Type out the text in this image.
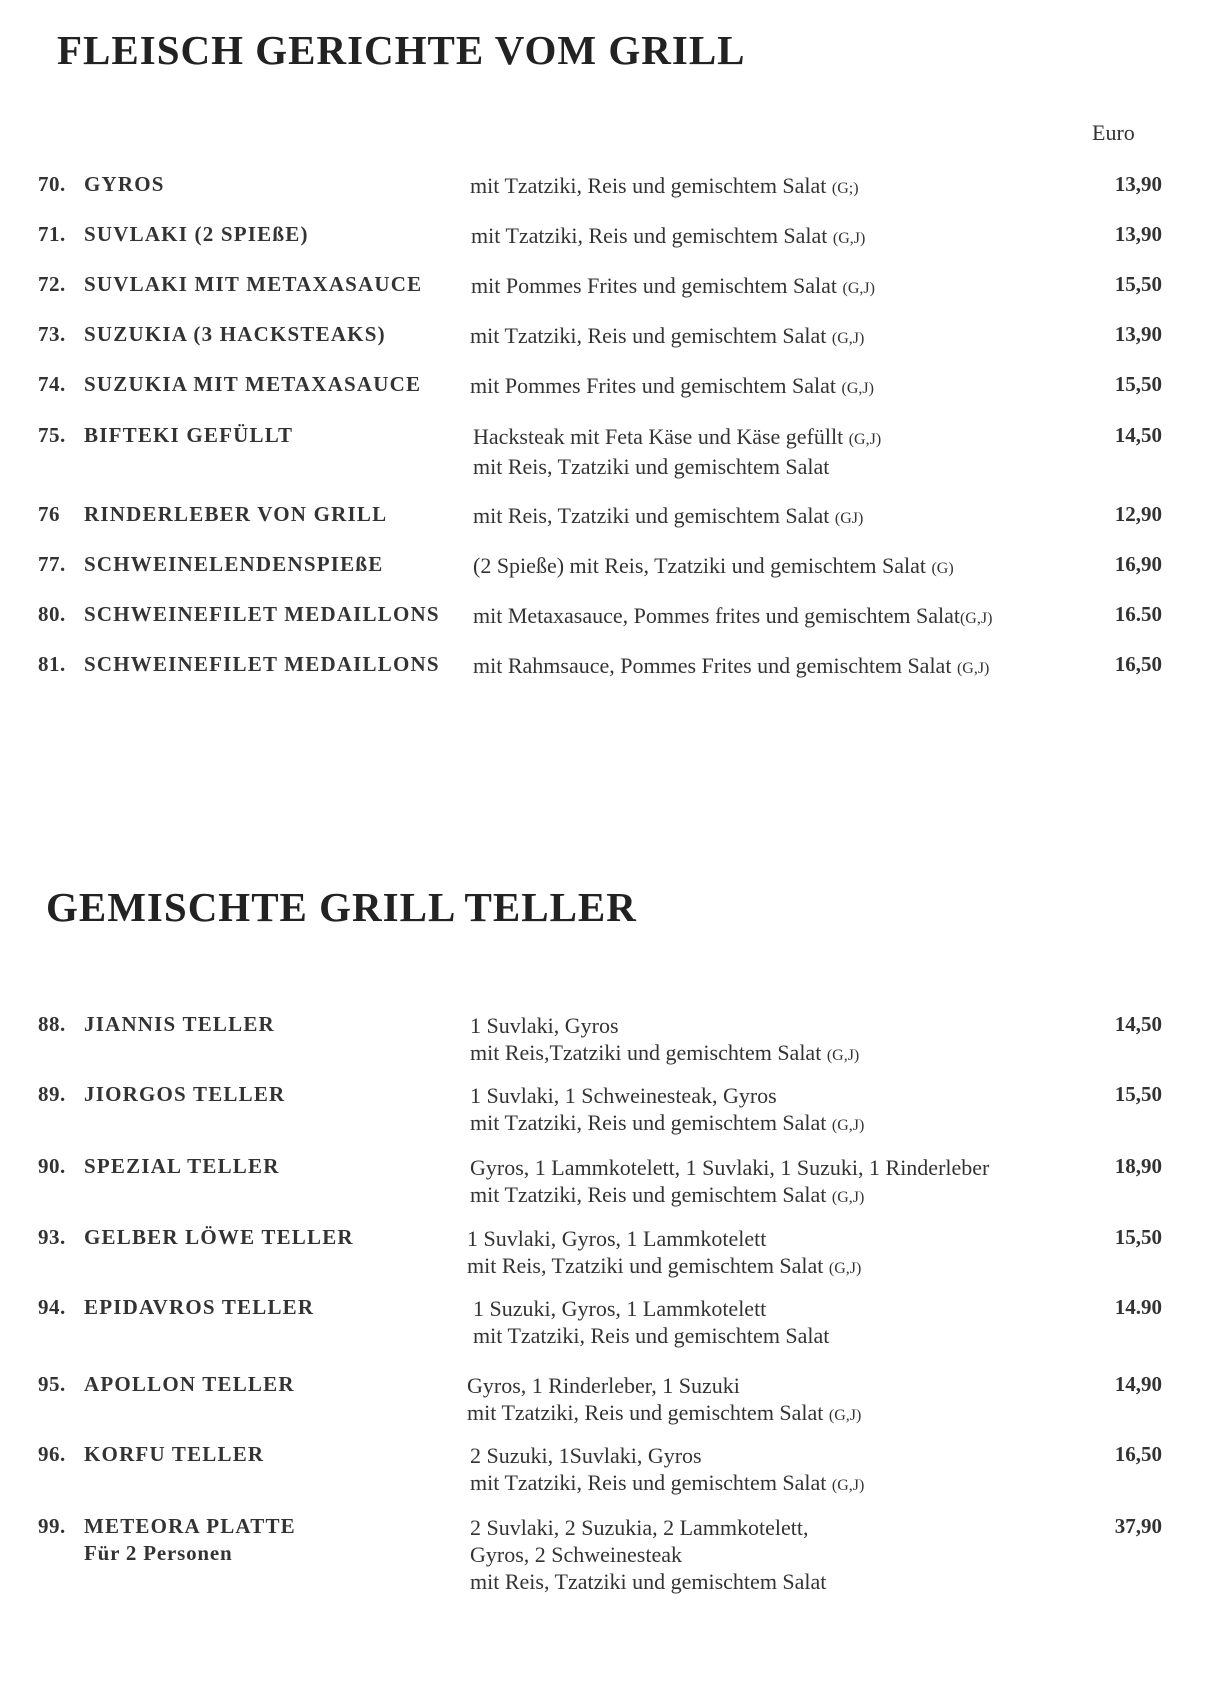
FLEISCH GERICHTE VOM GRILL
Euro
70. GYROS	mit Tzatziki, Reis und gemischtem Salat (G;)	13,90
71. SUVLAKI (2 SPIEßE)	mit Tzatziki, Reis und gemischtem Salat (G,J)	13,90
72. SUVLAKI MIT METAXASAUCE mit Pommes Frites und gemischtem Salat (G,J)	15,50
73. SUZUKIA (3 HACKSTEAKS)	mit Tzatziki, Reis und gemischtem Salat (G,J)	13,90
74. SUZUKIA MIT METAXASAUCE mit Pommes Frites und gemischtem Salat (G,J)	15,50
75. BIFTEKI GEFÜLLT	Hacksteak mit Feta Käse und Käse gefüllt (G,J)
mit Reis, Tzatziki und gemischtem Salat
14,50
76 RINDERLEBER VON GRILL	mit Reis, Tzatziki und gemischtem Salat (GJ)	12,90
77. SCHWEINELENDENSPIEßE	(2 Spieße) mit Reis, Tzatziki und gemischtem Salat (G)	16,90
80. SCHWEINEFILET MEDAILLONS mit Metaxasauce, Pommes frites und gemischtem Salat(G,J)	16.50
81. SCHWEINEFILET MEDAILLONS mit Rahmsauce, Pommes Frites und gemischtem Salat (G,J)	16,50
GEMISCHTE GRILL TELLER
88. JIANNIS TELLER	1 Suvlaki, Gyros
mit Reis,Tzatziki und gemischtem Salat (G,J)
14,50
89. JIORGOS TELLER	1 Suvlaki, 1 Schweinesteak, Gyros
mit Tzatziki, Reis und gemischtem Salat (G,J)
15,50
90. SPEZIAL TELLER	Gyros, 1 Lammkotelett, 1 Suvlaki, 1 Suzuki, 1 Rinderleber
mit Tzatziki, Reis und gemischtem Salat (G,J)
18,90
93. GELBER LÖWE TELLER	1 Suvlaki, Gyros, 1 Lammkotelett
mit Reis, Tzatziki und gemischtem Salat (G,J)
15,50
94. EPIDAVROS TELLER	1 Suzuki, Gyros, 1 Lammkotelett
mit Tzatziki, Reis und gemischtem Salat
14.90
95. APOLLON TELLER	Gyros, 1 Rinderleber, 1 Suzuki
mit Tzatziki, Reis und gemischtem Salat (G,J)
14,90
96. KORFU TELLER	2 Suzuki, 1Suvlaki, Gyros
mit Tzatziki, Reis und gemischtem Salat (G,J)
16,50
99. METEORA PLATTE
Für 2 Personen
2 Suvlaki, 2 Suzukia, 2 Lammkotelett,
Gyros, 2 Schweinesteak
mit Reis, Tzatziki und gemischtem Salat
37,90
